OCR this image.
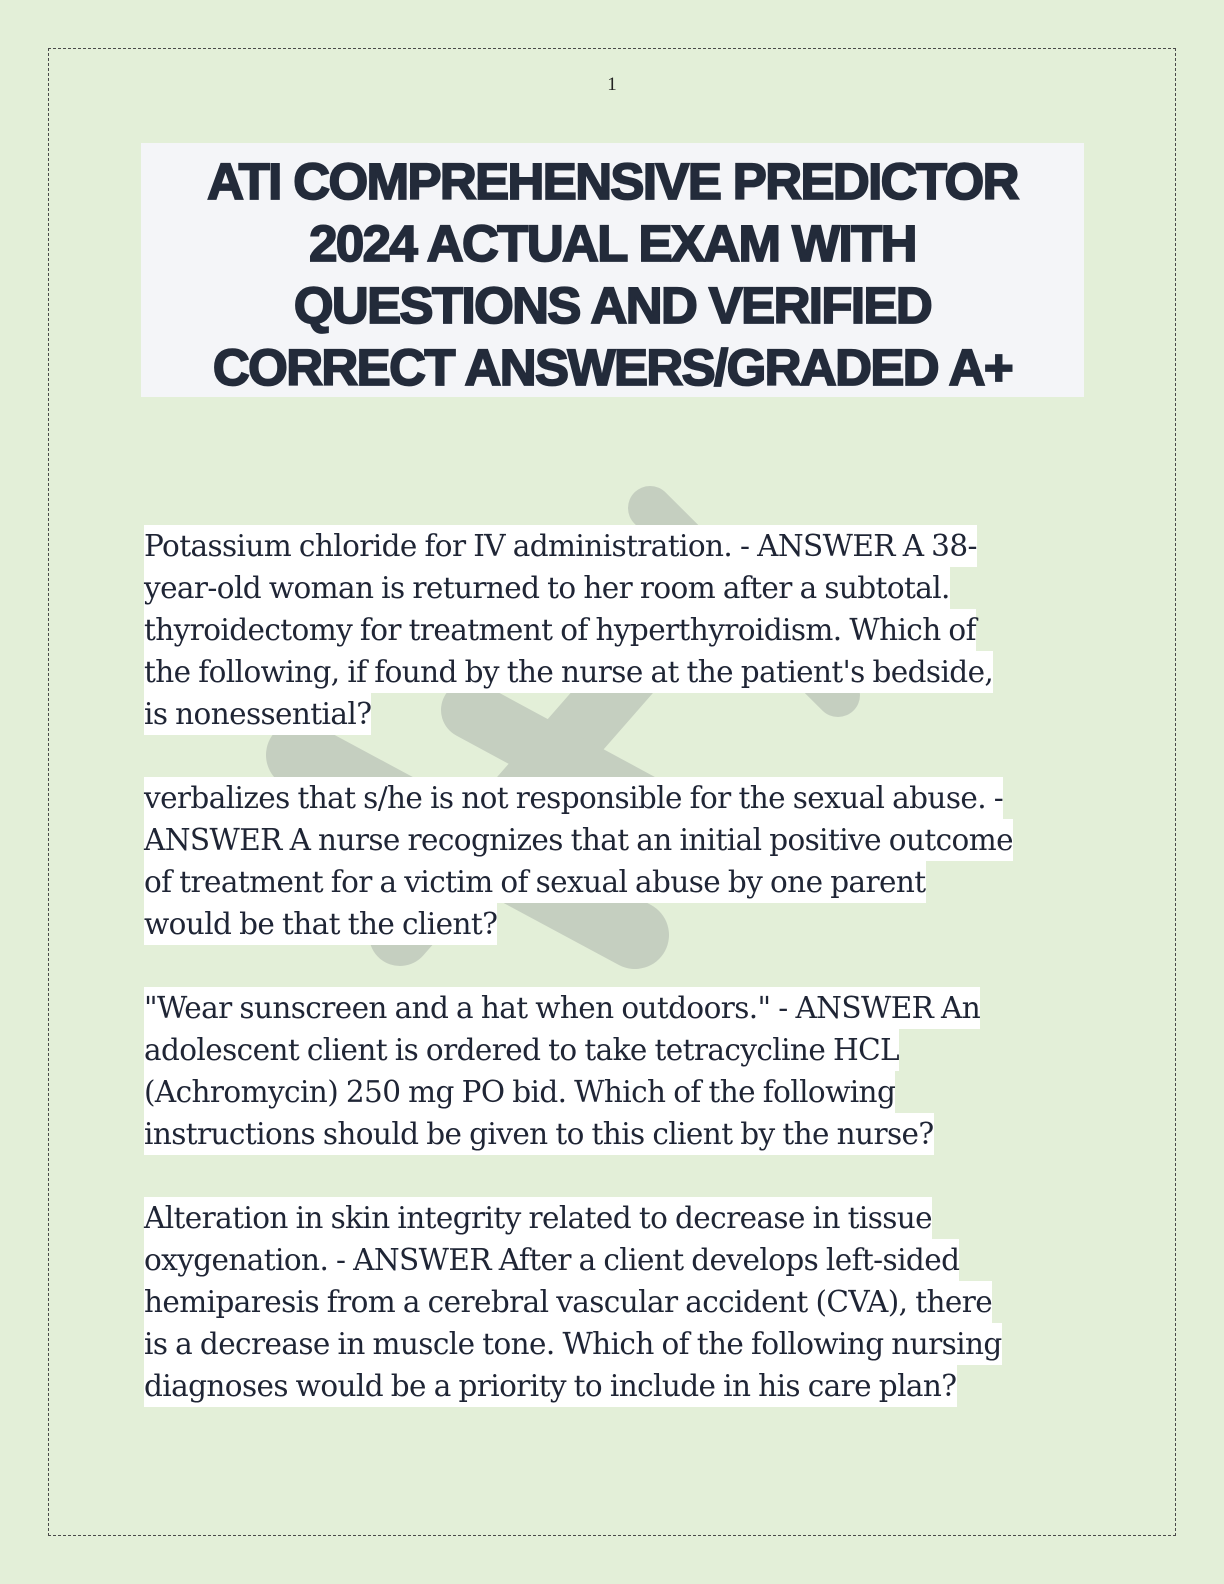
1
ATI COMPREHENSIVE PREDICTOR
2024 ACTUAL EXAM WITH
QUESTIONS AND VERIFIED
CORRECT ANSWERS/GRADED A+

Potassium chloride for IV administration. - ANSWER A 38-
year-old woman is returned to her room after a subtotal.
thyroidectomy for treatment of hyperthyroidism. Which of
the following, if found by the nurse at the patient's bedside,
is nonessential?

verbalizes that s/he is not responsible for the sexual abuse. -
ANSWER A nurse recognizes that an initial positive outcome
of treatment for a victim of sexual abuse by one parent
would be that the client?

"Wear sunscreen and a hat when outdoors." - ANSWER An
adolescent client is ordered to take tetracycline HCL
(Achromycin) 250 mg PO bid. Which of the following
instructions should be given to this client by the nurse?

Alteration in skin integrity related to decrease in tissue
oxygenation. - ANSWER After a client develops left-sided
hemiparesis from a cerebral vascular accident (CVA), there
is a decrease in muscle tone. Which of the following nursing
diagnoses would be a priority to include in his care plan?
